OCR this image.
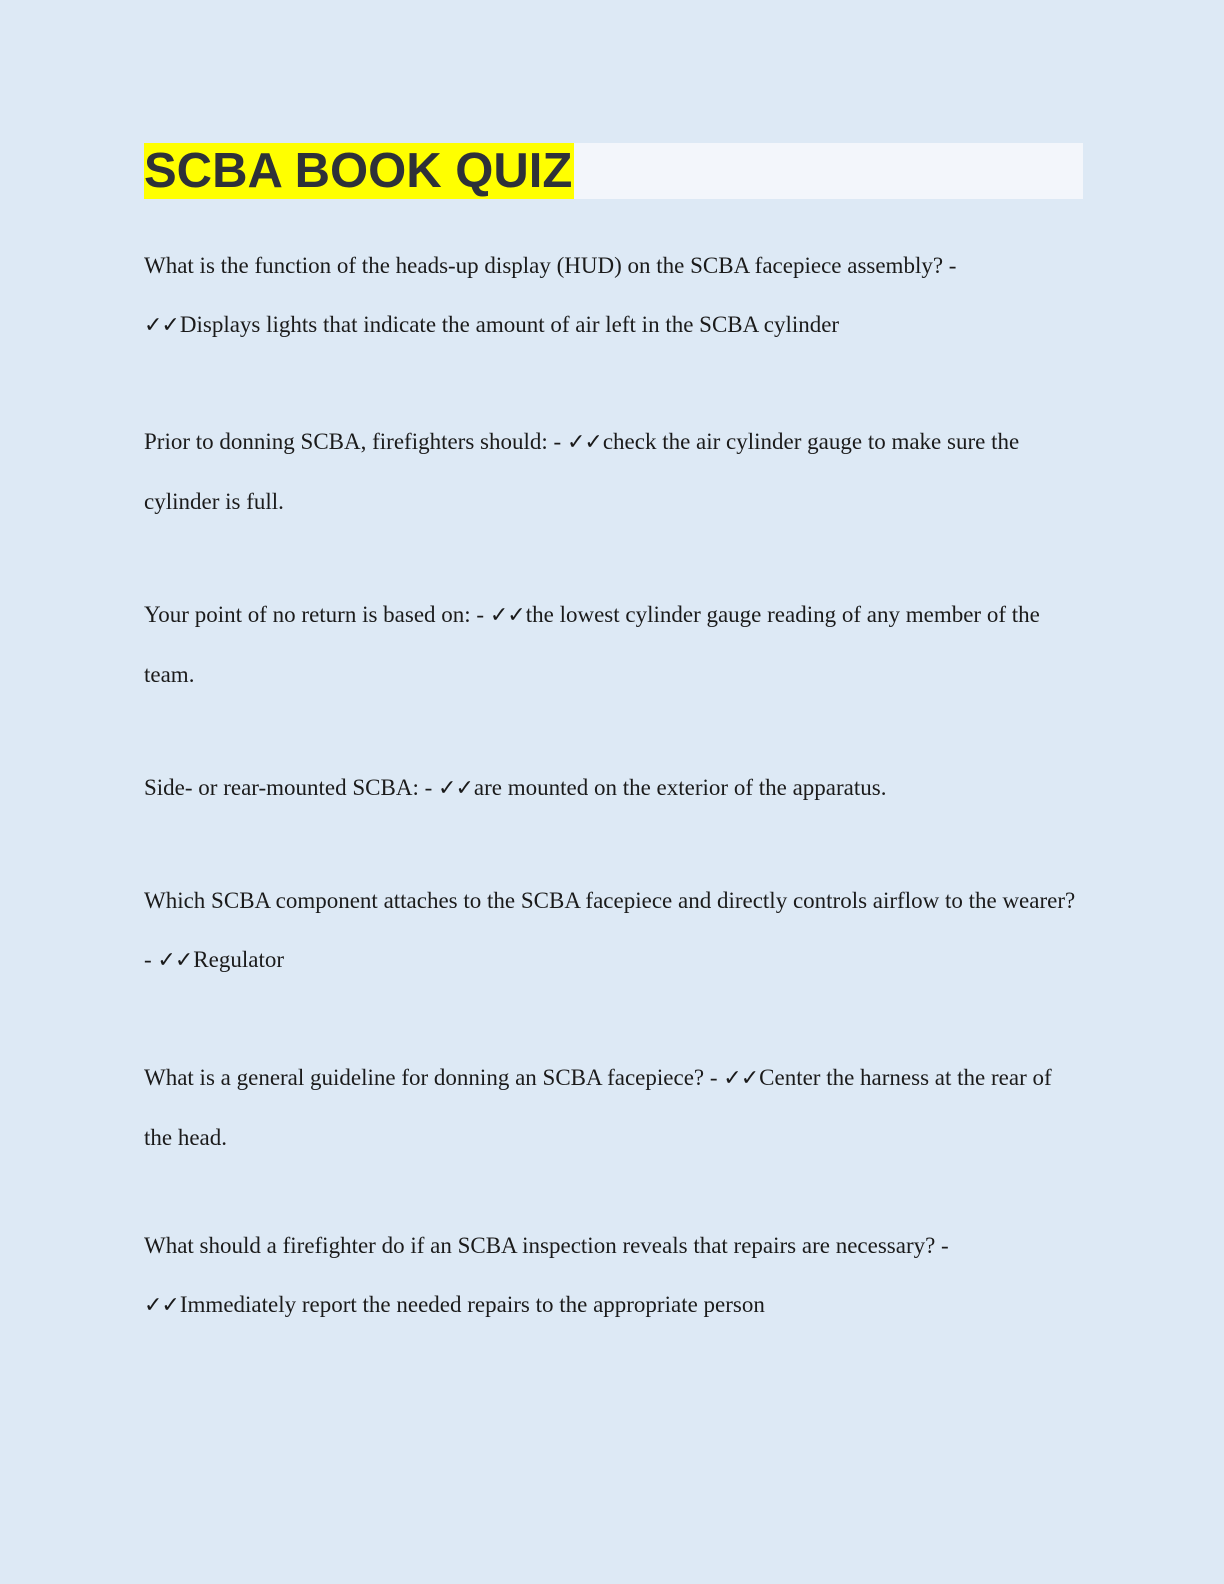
SCBA BOOK QUIZ

What is the function of the heads-up display (HUD) on the SCBA facepiece assembly? -
✓✓Displays lights that indicate the amount of air left in the SCBA cylinder

Prior to donning SCBA, firefighters should: - ✓✓check the air cylinder gauge to make sure the cylinder is full.

Your point of no return is based on: - ✓✓the lowest cylinder gauge reading of any member of the team.

Side- or rear-mounted SCBA: - ✓✓are mounted on the exterior of the apparatus.

Which SCBA component attaches to the SCBA facepiece and directly controls airflow to the wearer? - ✓✓Regulator

What is a general guideline for donning an SCBA facepiece? - ✓✓Center the harness at the rear of the head.

What should a firefighter do if an SCBA inspection reveals that repairs are necessary? -
✓✓Immediately report the needed repairs to the appropriate person
